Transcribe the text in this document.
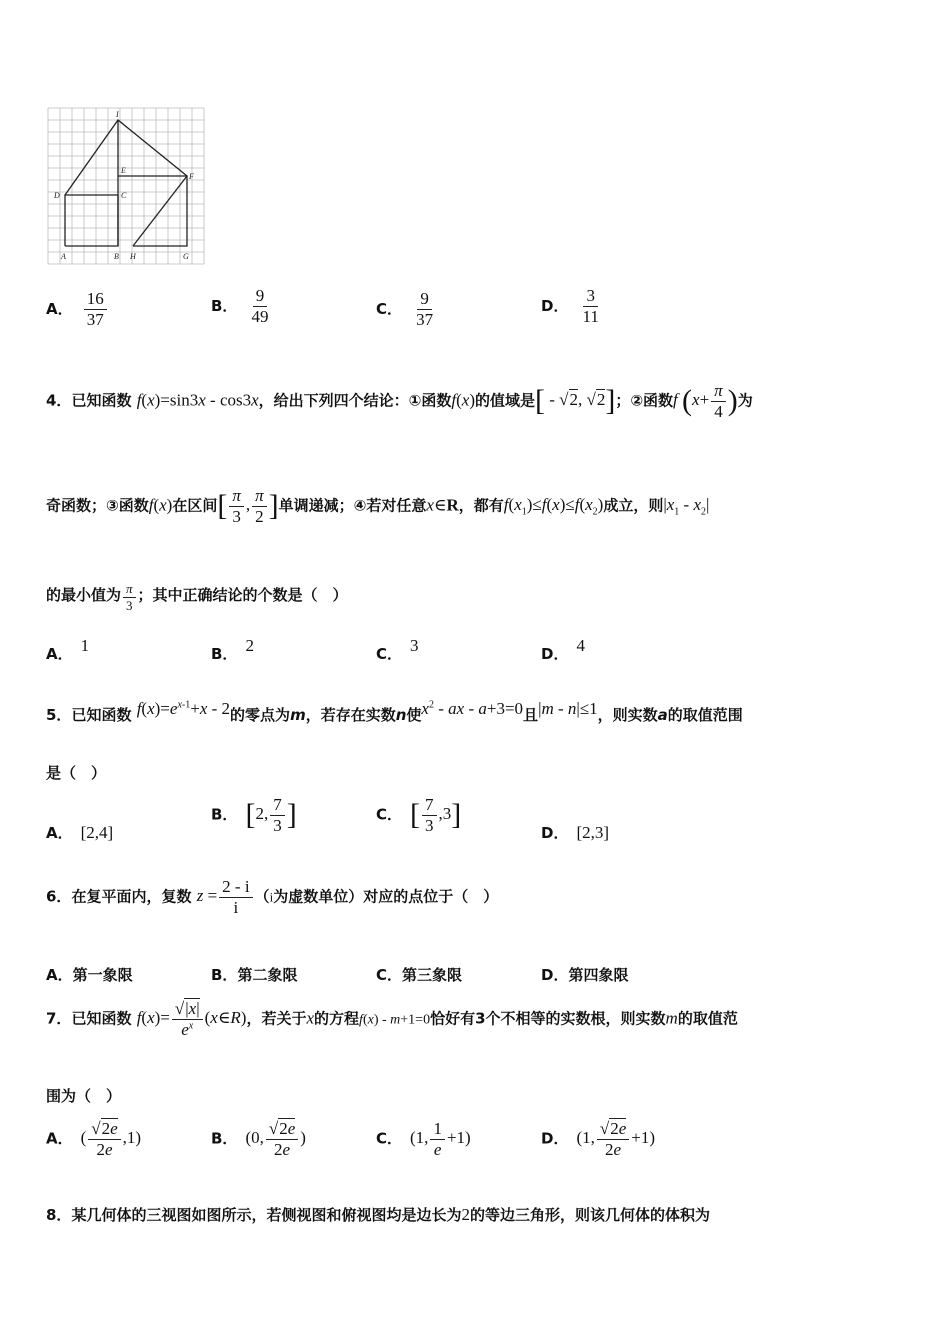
I
E
F
D	C
A	B H	G
A． $\frac{16}{37}$	B． $\frac{9}{49}$	C． $\frac{9}{37}$	D． $\frac{3}{11}$
4．已知函数 f(x)=sin3x - cos3x，给出下列四个结论：①函数f(x)的值域是[ - √2, √2]；②函数f ($x+ \frac{\pi}{4}$ )为
奇函数；③函数f(x)在区间[ $\frac{\pi}{3}$ , $\frac{\pi}{2}$ ]单调递减；④若对任意x∈R，都有$f(x_1)\le f(x)\le f(x_2)$成立，则$|x_1 - x_2|$
的最小值为 $\frac{\pi}{3}$ ；其中正确结论的个数是（　）
A． 1	B． 2	C． 3	D． 4
5．已知函数 $f(x)=e^{x-1}+x - 2$的零点为m，若存在实数n使$x^2$ - ax - a+3=0且|m - n|≤1，则实数a的取值范围
是（　）
A． [2,4]
B． [2, $\frac{7}{3}$ ]	C． [ $\frac{7}{3} ,3$]
D． [2,3]
6．在复平面内，复数 $z = \frac{2 - i}{i} (i$为虚数单位）对应的点位于（　）
A．第一象限	B．第二象限	C．第三象限	D．第四象限
7．已知函数 $f(x)= \frac{√|x|}{e^x}$ (x∈R)，若关于x的方程f(x) - m+1=0恰好有3个不相等的实数根，则实数m的取值范
围为（　）
A． ( $\frac{√2e}{2e} ,1$)	B． (0, $\frac{√2e}{2e}$ )	C． (1, $\frac{1}{e} +1$)	D． (1, $\frac{√2e}{2e} +1$)
8．某几何体的三视图如图所示，若侧视图和俯视图均是边长为2的等边三角形，则该几何体的体积为
